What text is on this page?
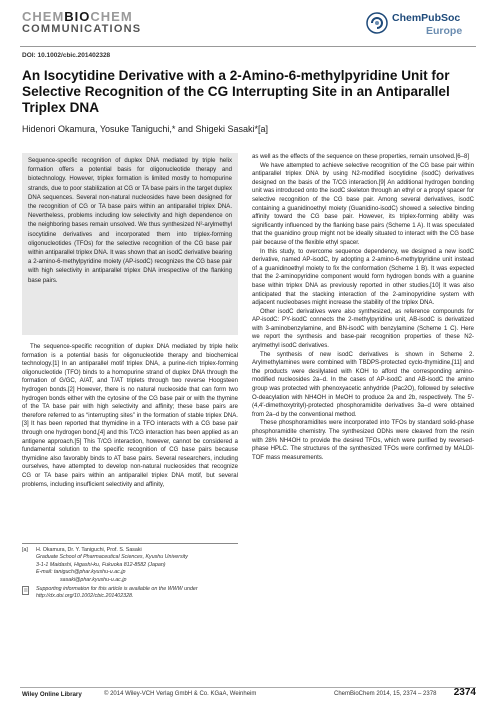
CHEMBIOCHEM
COMMUNICATIONS
ChemPubSoc
Europe
DOI: 10.1002/cbic.201402328
An Isocytidine Derivative with a 2-Amino-6-methylpyridine Unit for Selective Recognition of the CG Interrupting Site in an Antiparallel Triplex DNA
Hidenori Okamura, Yosuke Taniguchi,* and Shigeki Sasaki*[a]
Sequence-specific recognition of duplex DNA mediated by triple helix formation offers a potential basis for oligonucleotide therapy and biotechnology. However, triplex formation is limited mostly to homopurine strands, due to poor stabilization at CG or TA base pairs in the target duplex DNA sequences. Several non-natural nucleosides have been designed for the recognition of CG or TA base pairs within an antiparallel triplex DNA. Nevertheless, problems including low selectivity and high dependence on the neighboring bases remain unsolved. We thus synthesized N²-arylmethyl isocytidine derivatives and incorporated them into triplex-forming oligonucleotides (TFOs) for the selective recognition of the CG base pair within antiparallel triplex DNA. It was shown that an isodC derivative bearing a 2-amino-6-methylpyridine moiety (AP-isodC) recognizes the CG base pair with high selectivity in antiparallel triplex DNA irrespective of the flanking base pairs.

The sequence-specific recognition of duplex DNA mediated by triple helix formation is a potential basis for oligonucleotide therapy and biochemical technology.[1] In an antiparallel motif triplex DNA, a purine-rich triplex-forming oligonucleotide (TFO) binds to a homopurine strand of duplex DNA through the formation of G/GC, A/AT, and T/AT triplets through two reverse Hoogsteen hydrogen bonds.[2] However, there is no natural nucleoside that can form two hydrogen bonds either with the cytosine of the CG base pair or with the thymine of the TA base pair with high selectivity and affinity; these base pairs are therefore referred to as “interrupting sites” in the formation of stable triplex DNA.[3] It has been reported that thymidine in a TFO interacts with a CG base pair through one hydrogen bond,[4] and this T/CG interaction has been applied as an antigene approach.[5] This T/CG interaction, however, cannot be considered a fundamental solution to the specific recognition of CG base pairs because thymidine also favorably binds to AT base pairs. Several researchers, including ourselves, have attempted to develop non-natural nucleosides that recognize CG or TA base pairs within an antiparallel triplex DNA motif, but several problems, including insufficient selectivity and affinity,

as well as the effects of the sequence on these properties, remain unsolved.[6–8]

We have attempted to achieve selective recognition of the CG base pair within antiparallel triplex DNA by using N2-modified isocytidine (isodC) derivatives designed on the basis of the T/CG interaction.[9] An additional hydrogen bonding unit was introduced onto the isodC skeleton through an ethyl or a propyl spacer for selective recognition of the CG base pair. Among several derivatives, isodC containing a guanidinoethyl moiety (Guanidino-isodC) showed a selective binding affinity toward the CG base pair. However, its triplex-forming ability was significantly influenced by the flanking base pairs (Scheme 1 A). It was speculated that the guanidino group might not be ideally situated to interact with the CG base pair because of the flexible ethyl spacer.

In this study, to overcome sequence dependency, we designed a new isodC derivative, named AP-isodC, by adopting a 2-amino-6-methylpyridine unit instead of a guanidinoethyl moiety to fix the conformation (Scheme 1 B). It was expected that the 2-aminopyridine component would form hydrogen bonds with a guanine base within triplex DNA as previously reported in other studies.[10] It was also anticipated that the stacking interaction of the 2-aminopyridine system with adjacent nucleobases might increase the stability of the triplex DNA.

Other isodC derivatives were also synthesized, as reference compounds for AP-isodC: PY-isodC connects the 2-methylpyridine unit, AB-isodC is derivatized with 3-aminobenzylamine, and BN-isodC with benzylamine (Scheme 1 C). Here we report the synthesis and base-pair recognition properties of these N2-arylmethyl isodC derivatives.

The synthesis of new isodC derivatives is shown in Scheme 2. Arylmethylamines were combined with TBDPS-protected cyclo-thymidine,[11] and the products were desilylated with KOH to afford the corresponding amino-modified nucleosides 2a–d. In the cases of AP-isodC and AB-isodC the amino group was protected with phenoxyacetic anhydride (Pac2O), followed by selective O-deacylation with NH4OH in MeOH to produce 2a and 2b, respectively. The 5′-(4,4′-dimethoxytrityl)-protected phosphoramidite derivatives 3a–d were obtained from 2a–d by the conventional method.

These phosphoramidites were incorporated into TFOs by standard solid-phase phosphoramidite chemistry. The synthesized ODNs were cleaved from the resin with 28% NH4OH to provide the desired TFOs, which were purified by reversed-phase HPLC. The structures of the synthesized TFOs were confirmed by MALDI-TOF mass measurements.

[a]	H. Okamura, Dr. Y. Taniguchi, Prof. S. Sasaki
Graduate School of Pharmaceutical Sciences, Kyushu University
3-1-1 Maidashi, Higashi-ku, Fukuoka 812-8582 (Japan)
E-mail: taniguch@phar.kyushu-u.ac.jp
sasaki@phar.kyushu-u.ac.jp
Supporting information for this article is available on the WWW under http://dx.doi.org/10.1002/cbic.201402328.
Wiley Online Library	© 2014 Wiley-VCH Verlag GmbH & Co. KGaA, Weinheim	ChemBioChem 2014, 15, 2374 – 2378 2374
